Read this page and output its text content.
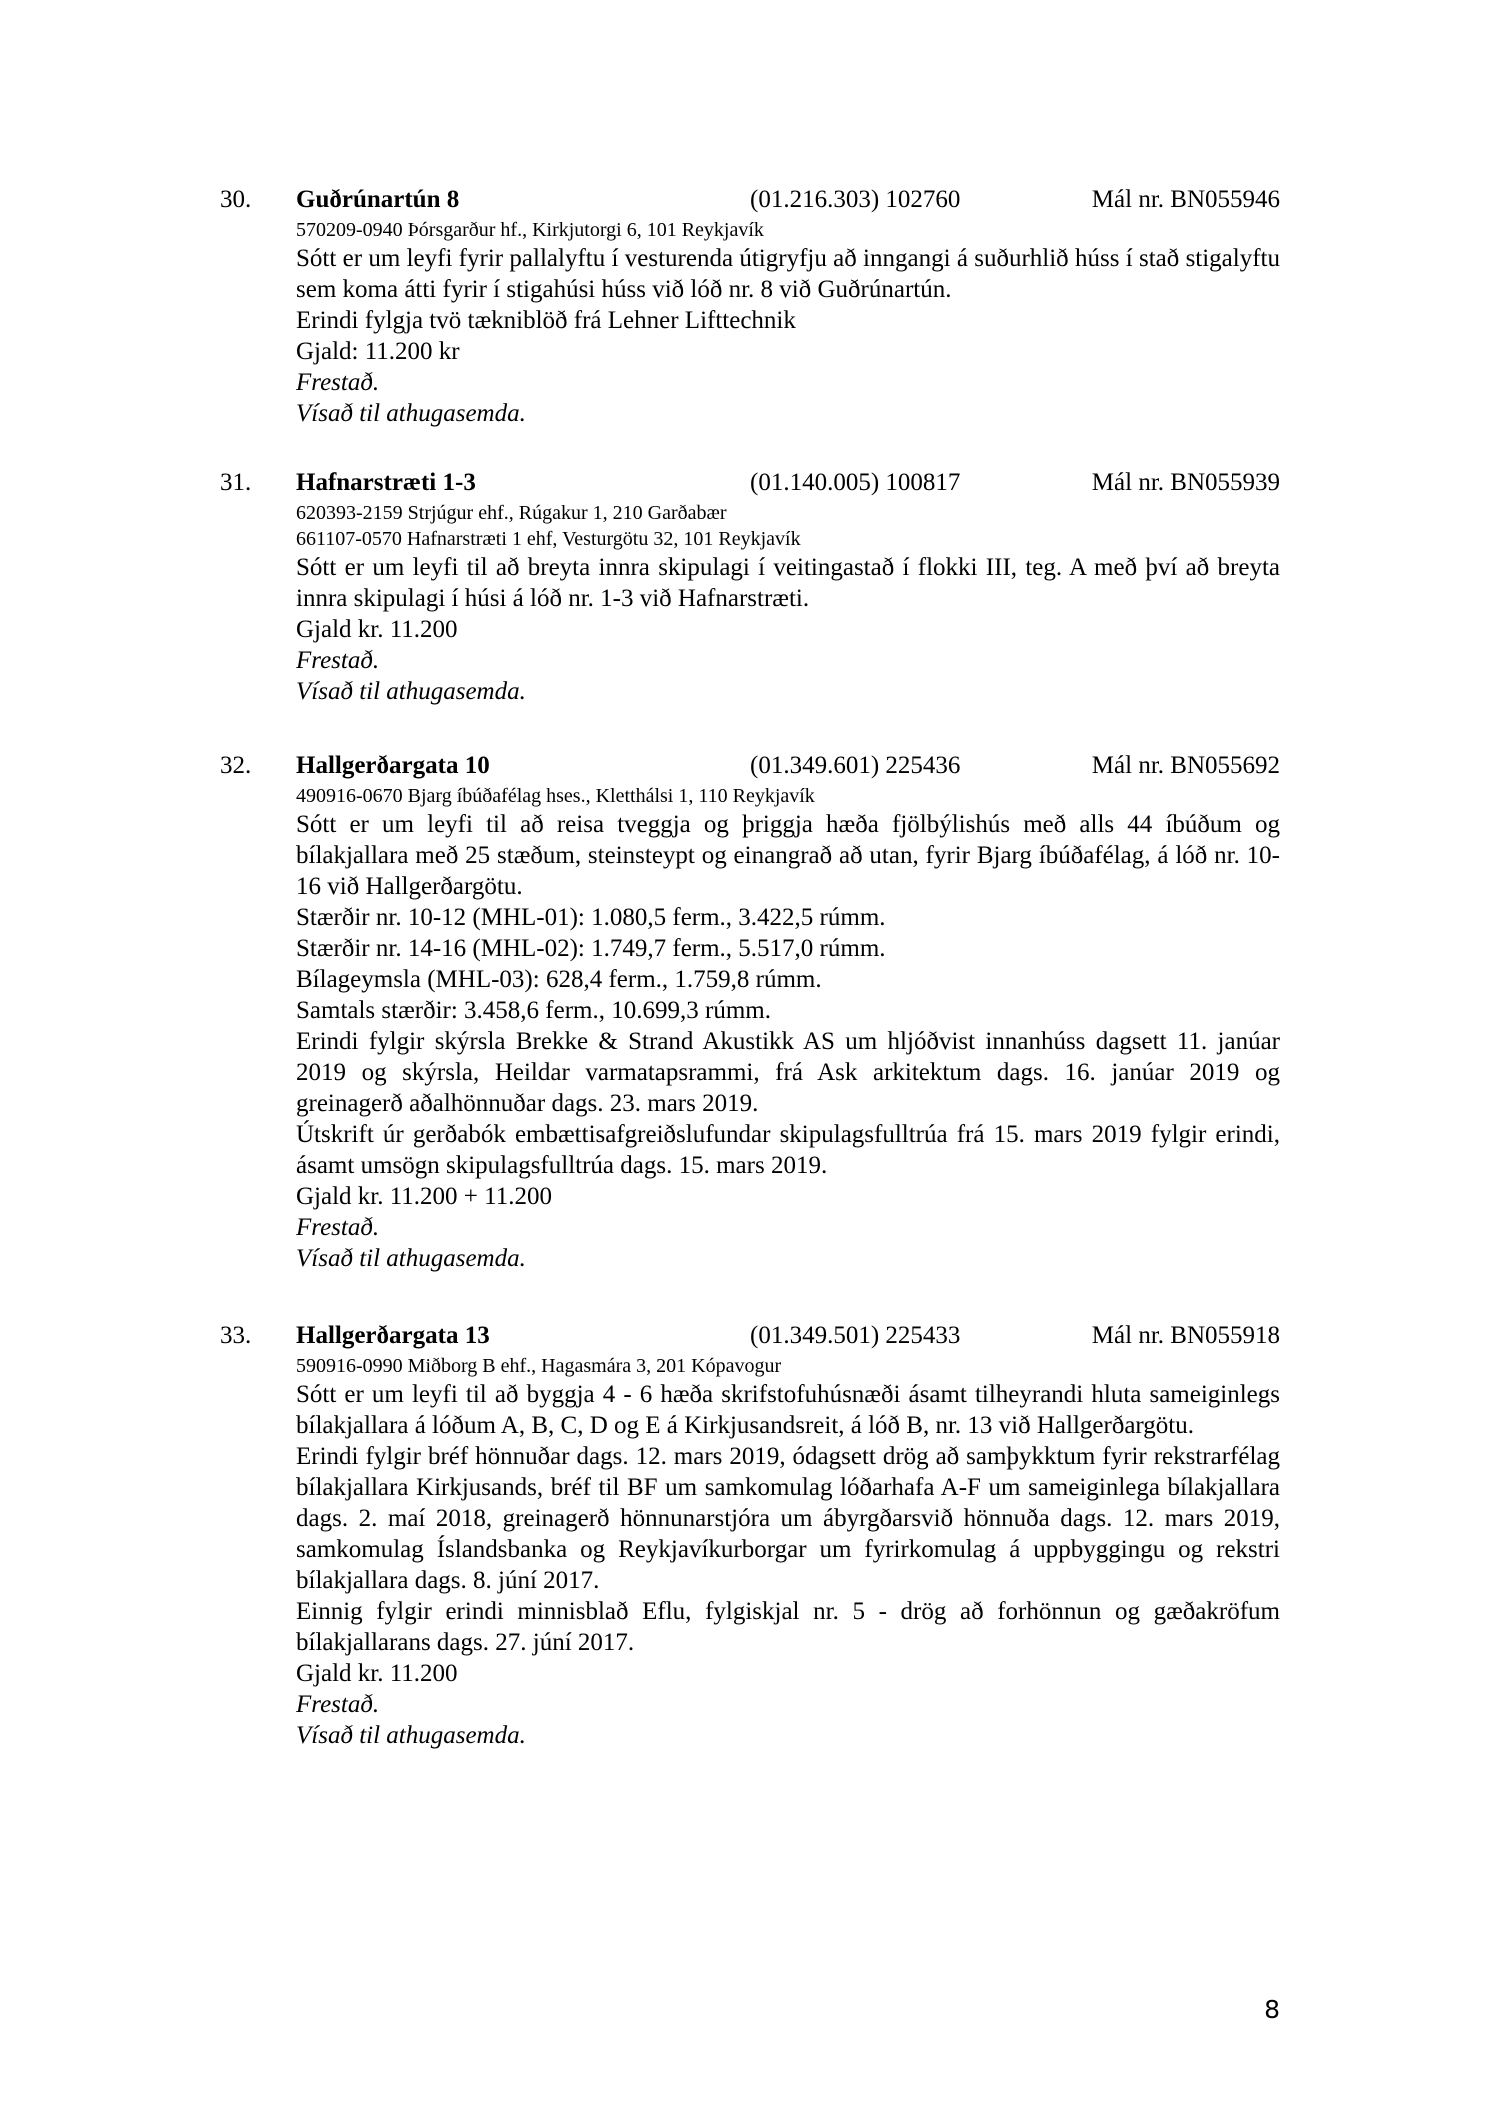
30. Guðrúnartún 8	(01.216.303) 102760	Mál nr. BN055946
570209-0940 Þórsgarður hf., Kirkjutorgi 6, 101 Reykjavík
Sótt er um leyfi fyrir pallalyftu í vesturenda útigryfju að inngangi á suðurhlið húss í stað stigalyftu sem koma átti fyrir í stigahúsi húss við lóð nr. 8 við Guðrúnartún.
Erindi fylgja tvö tækniblöð frá Lehner Lifttechnik
Gjald: 11.200 kr
Frestað.
Vísað til athugasemda.
31. Hafnarstræti 1-3	(01.140.005) 100817	Mál nr. BN055939
620393-2159 Strjúgur ehf., Rúgakur 1, 210 Garðabær
661107-0570 Hafnarstræti 1 ehf, Vesturgötu 32, 101 Reykjavík
Sótt er um leyfi til að breyta innra skipulagi í veitingastað í flokki III, teg. A með því að breyta innra skipulagi í húsi á lóð nr. 1-3 við Hafnarstræti.
Gjald kr. 11.200
Frestað.
Vísað til athugasemda.
32. Hallgerðargata 10	(01.349.601) 225436	Mál nr. BN055692
490916-0670 Bjarg íbúðafélag hses., Kletthálsi 1, 110 Reykjavík
Sótt er um leyfi til að reisa tveggja og þriggja hæða fjölbýlishús með alls 44 íbúðum og bílakjallara með 25 stæðum, steinsteypt og einangrað að utan, fyrir Bjarg íbúðafélag, á lóð nr. 10-16 við Hallgerðargötu.
Stærðir nr. 10-12 (MHL-01): 1.080,5 ferm., 3.422,5 rúmm.
Stærðir nr. 14-16 (MHL-02): 1.749,7 ferm., 5.517,0 rúmm.
Bílageymsla (MHL-03): 628,4 ferm., 1.759,8 rúmm.
Samtals stærðir: 3.458,6 ferm., 10.699,3 rúmm.
Erindi fylgir skýrsla Brekke & Strand Akustikk AS um hljóðvist innanhúss dagsett 11. janúar 2019 og skýrsla, Heildar varmatapsrammi, frá Ask arkitektum dags. 16. janúar 2019 og greinagerð aðalhönnuðar dags. 23. mars 2019.
Útskrift úr gerðabók embættisafgreiðslufundar skipulagsfulltrúa frá 15. mars 2019 fylgir erindi, ásamt umsögn skipulagsfulltrúa dags. 15. mars 2019.
Gjald kr. 11.200 + 11.200
Frestað.
Vísað til athugasemda.
33. Hallgerðargata 13	(01.349.501) 225433	Mál nr. BN055918
590916-0990 Miðborg B ehf., Hagasmára 3, 201 Kópavogur
Sótt er um leyfi til að byggja 4 - 6 hæða skrifstofuhúsnæði ásamt tilheyrandi hluta sameiginlegs bílakjallara á lóðum A, B, C, D og E á Kirkjusandsreit, á lóð B, nr. 13 við Hallgerðargötu.
Erindi fylgir bréf hönnuðar dags. 12. mars 2019, ódagsett drög að samþykktum fyrir rekstrarfélag bílakjallara Kirkjusands, bréf til BF um samkomulag lóðarhafa A-F um sameiginlega bílakjallara dags. 2. maí 2018, greinagerð hönnunarstjóra um ábyrgðarsvið hönnuða dags. 12. mars 2019, samkomulag Íslandsbanka og Reykjavíkurborgar um fyrirkomulag á uppbyggingu og rekstri bílakjallara dags. 8. júní 2017.
Einnig fylgir erindi minnisblað Eflu, fylgiskjal nr. 5 - drög að forhönnun og gæðakröfum bílakjallarans dags. 27. júní 2017.
Gjald kr. 11.200
Frestað.
Vísað til athugasemda.
8
